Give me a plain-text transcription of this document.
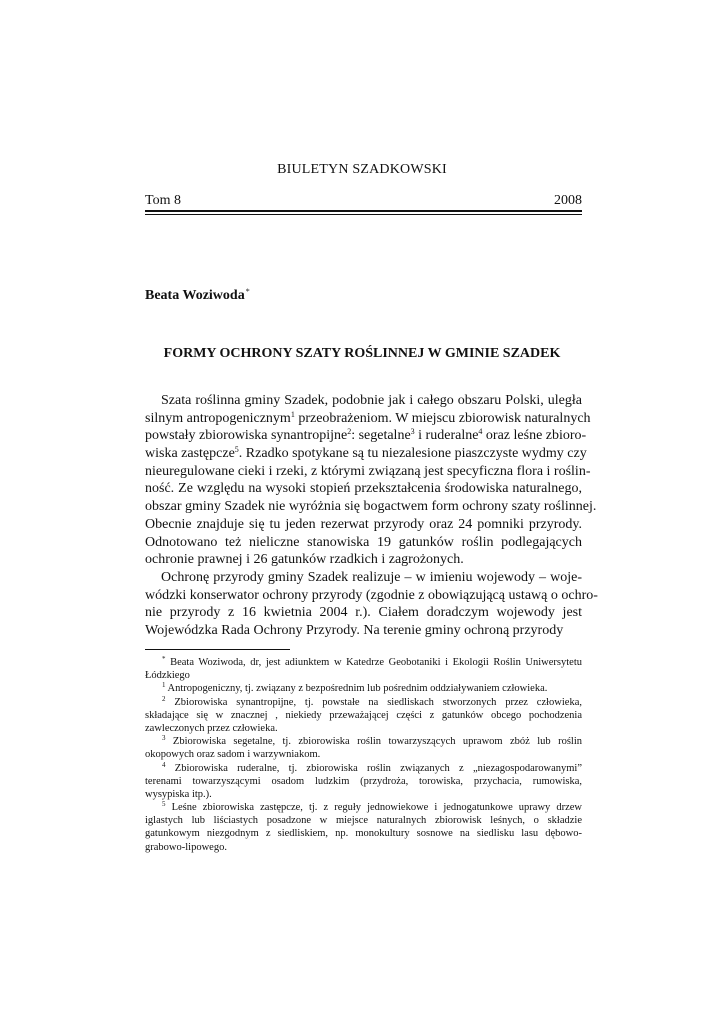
BIULETYN SZADKOWSKI
Tom 8	2008
Beata Woziwoda*
FORMY OCHRONY SZATY ROŚLINNEJ W GMINIE SZADEK
Szata roślinna gminy Szadek, podobnie jak i całego obszaru Polski, uległa
silnym antropogenicznym$^1$ przeobrażeniom. W miejscu zbiorowisk naturalnych
powstały zbiorowiska synantropijne$^2$: segetalne$^3$ i ruderalne$^4$ oraz leśne zbioro-
wiska zastępcze$^5$. Rzadko spotykane są tu niezalesione piaszczyste wydmy czy
nieuregulowane cieki i rzeki, z którymi związaną jest specyficzna flora i roślin-
ność. Ze względu na wysoki stopień przekształcenia środowiska naturalnego,
obszar gminy Szadek nie wyróżnia się bogactwem form ochrony szaty roślinnej.
Obecnie znajduje się tu jeden rezerwat przyrody oraz 24 pomniki przyrody.
Odnotowano też nieliczne stanowiska 19 gatunków roślin podlegających
ochronie prawnej i 26 gatunków rzadkich i zagrożonych.
Ochronę przyrody gminy Szadek realizuje – w imieniu wojewody – woje-
wódzki konserwator ochrony przyrody (zgodnie z obowiązującą ustawą o ochro-
nie przyrody z 16 kwietnia 2004 r.). Ciałem doradczym wojewody jest
Wojewódzka Rada Ochrony Przyrody. Na terenie gminy ochroną przyrody
* Beata Woziwoda, dr, jest adiunktem w Katedrze Geobotaniki i Ekologii Roślin Uniwersytetu
Łódzkiego
$^1$ Antropogeniczny, tj. związany z bezpośrednim lub pośrednim oddziaływaniem człowieka.
$^2$ Zbiorowiska synantropijne, tj. powstałe na siedliskach stworzonych przez człowieka,
składające się w znacznej , niekiedy przeważającej części z gatunków obcego pochodzenia
zawleczonych przez człowieka.
$^3$ Zbiorowiska segetalne, tj. zbiorowiska roślin towarzyszących uprawom zbóż lub roślin
okopowych oraz sadom i warzywniakom.
$^4$ Zbiorowiska ruderalne, tj. zbiorowiska roślin związanych z „niezagospodarowanymi”
terenami towarzyszącymi osadom ludzkim (przydroża, torowiska, przychacia, rumowiska,
wysypiska itp.).
$^5$ Leśne zbiorowiska zastępcze, tj. z reguły jednowiekowe i jednogatunkowe uprawy drzew
iglastych lub liściastych posadzone w miejsce naturalnych zbiorowisk leśnych, o składzie
gatunkowym niezgodnym z siedliskiem, np. monokultury sosnowe na siedlisku lasu dębowo-
grabowo-lipowego.
